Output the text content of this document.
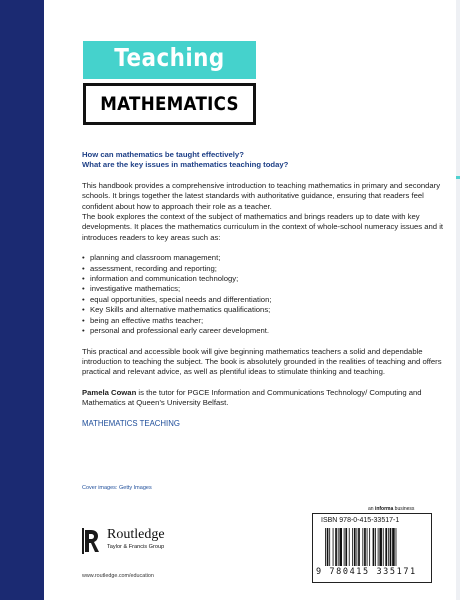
Teaching
MATHEMATICS

How can mathematics be taught effectively?

What are the key issues in mathematics teaching today?

This handbook provides a comprehensive introduction to teaching mathematics in primary and secondary schools. It brings together the latest standards with authoritative guidance, ensuring that readers feel confident about how to approach their role as a teacher.

The book explores the context of the subject of mathematics and brings readers up to date with key developments. It places the mathematics curriculum in the context of whole-school numeracy issues and it introduces readers to key areas such as:

• planning and classroom management;
• assessment, recording and reporting;
• information and communication technology;
• investigative mathematics;
• equal opportunities, special needs and differentiation;
• Key Skills and alternative mathematics qualifications;
• being an effective maths teacher;
• personal and professional early career development.

This practical and accessible book will give beginning mathematics teachers a solid and dependable introduction to teaching the subject. The book is absolutely grounded in the realities of teaching and offers practical and relevant advice, as well as plentiful ideas to stimulate thinking and teaching.

Pamela Cowan is the tutor for PGCE Information and Communications Technology/ Computing and Mathematics at Queen’s University Belfast.

MATHEMATICS TEACHING

Cover images: Getty Images
Routledge
Taylor & Francis Group
www.routledge.com/education
an informa business
ISBN 978-0-415-33517-1
9 780415 335171
